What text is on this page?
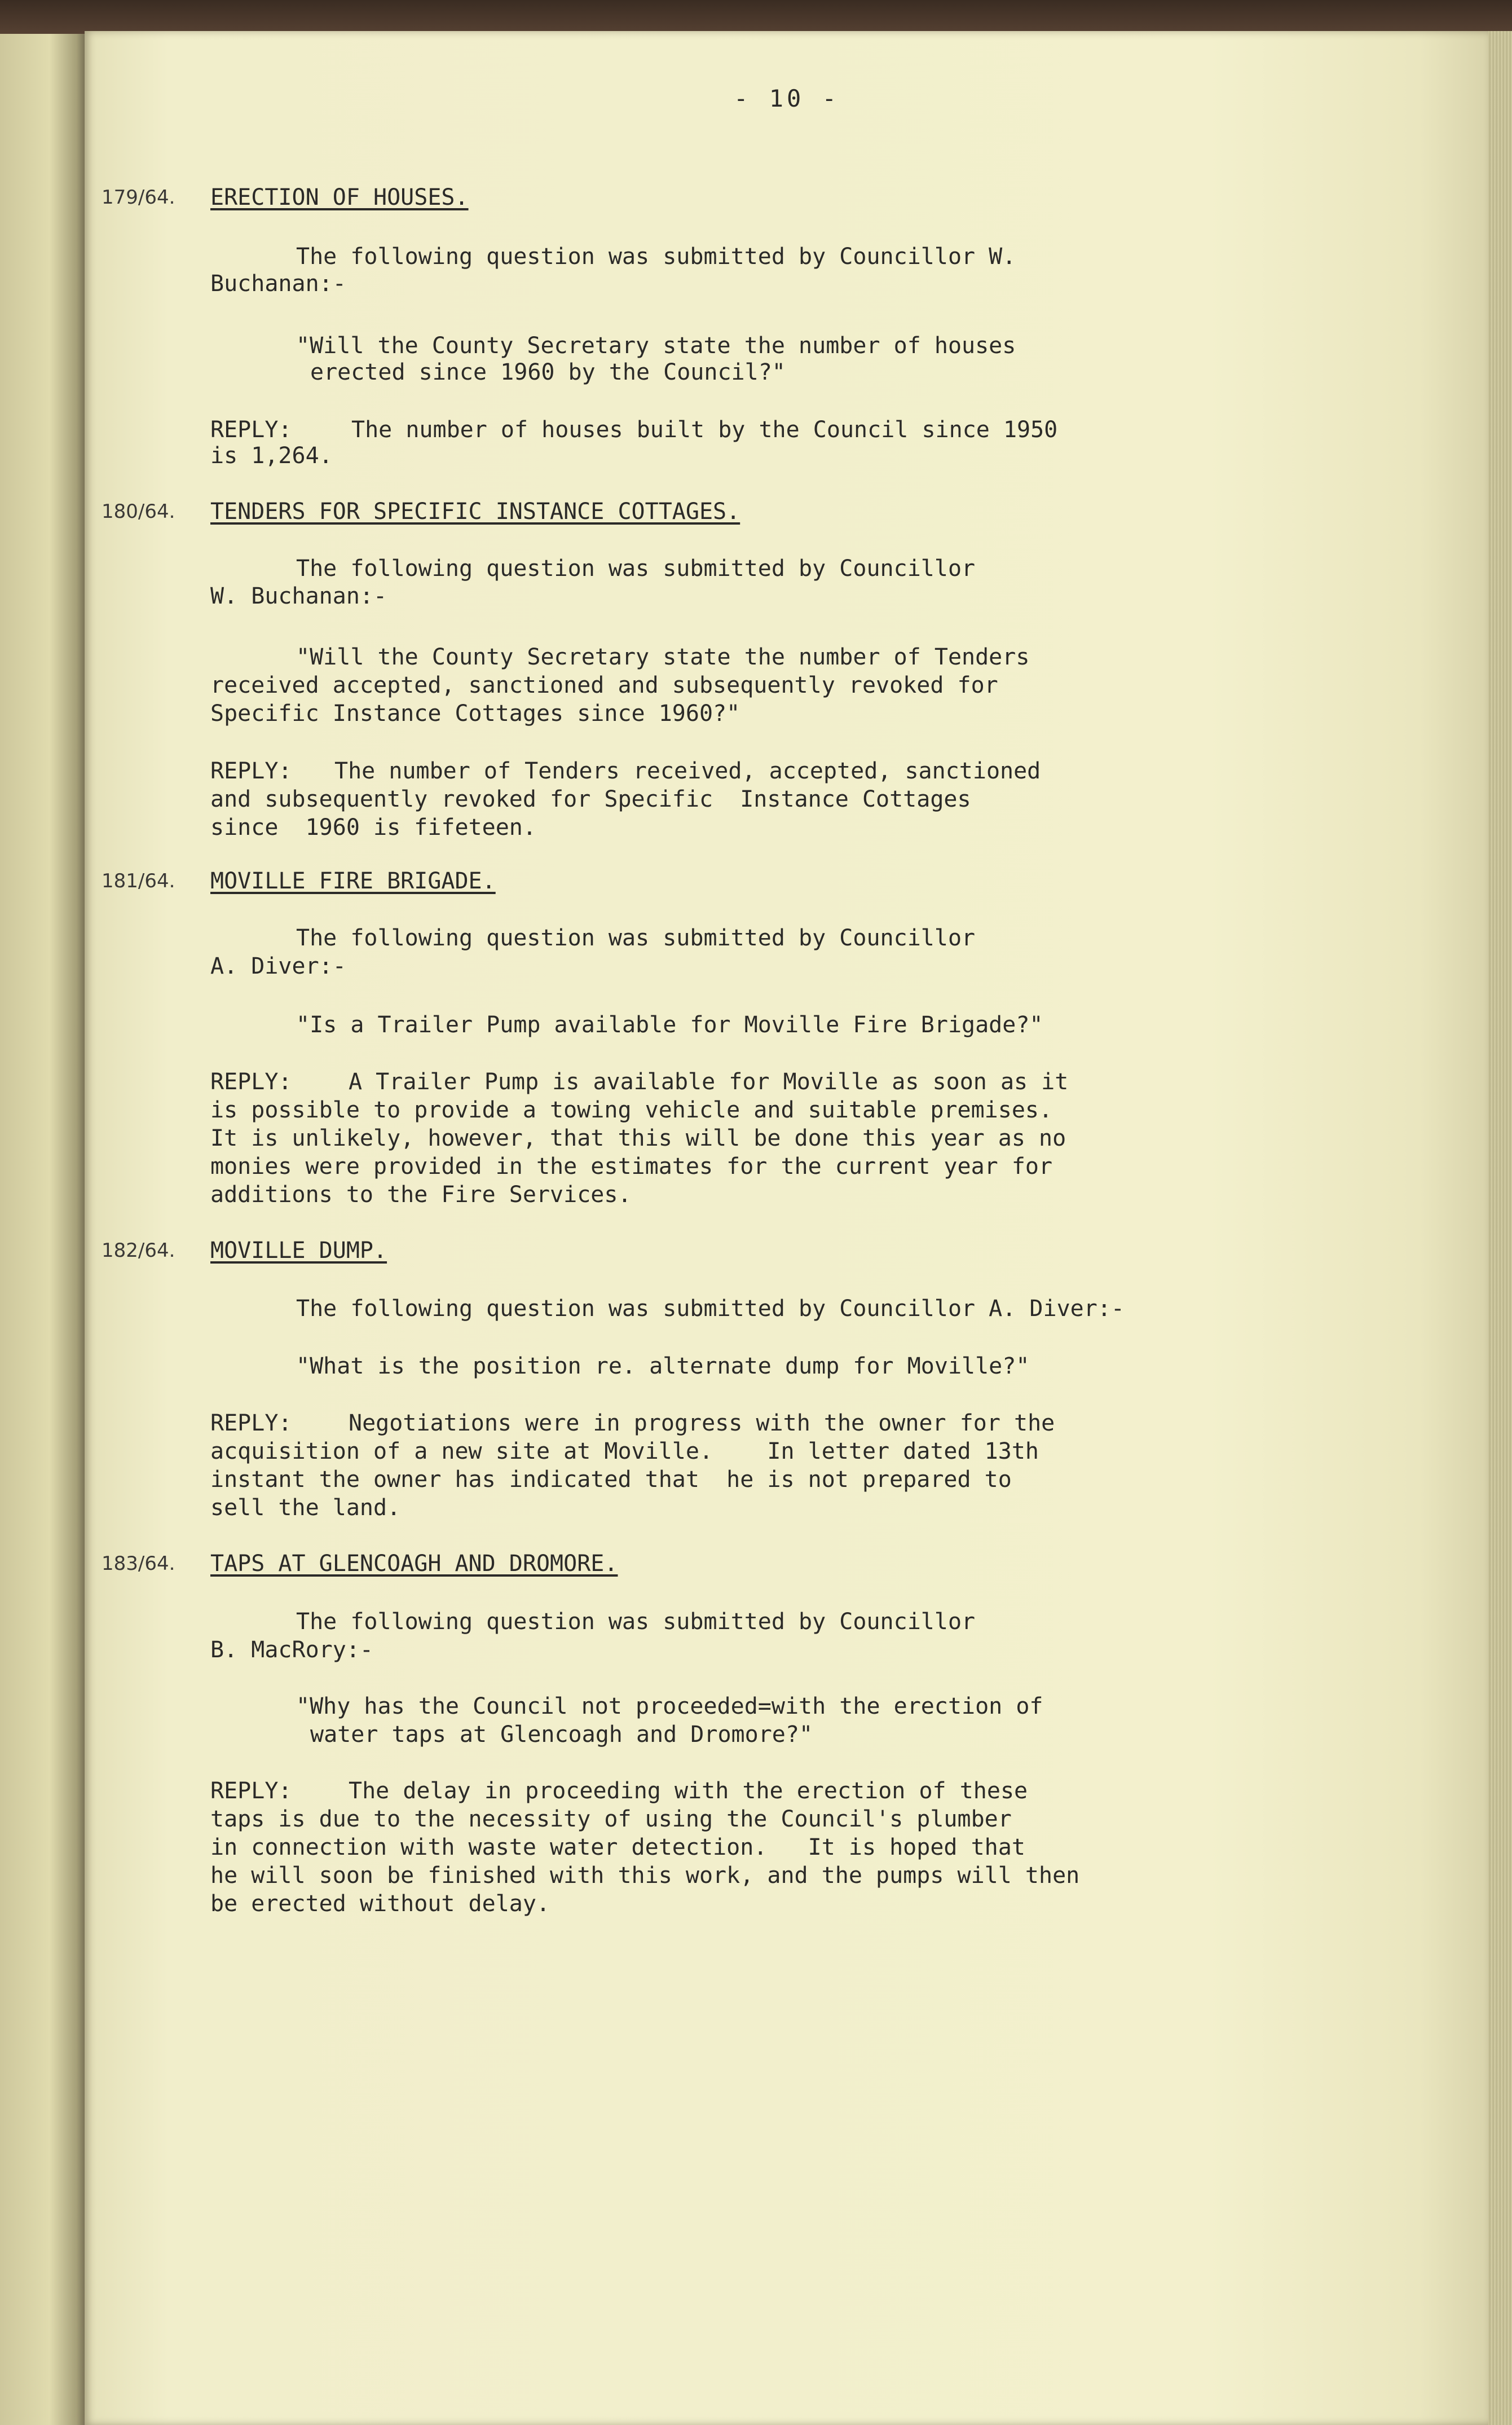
- 10 -
179/64. ERECTION OF HOUSES.
The following question was submitted by Councillor W.
Buchanan:-
"Will the County Secretary state the number of houses
erected since 1960 by the Council?"
REPLY:	The number of houses built by the Council since 1950
is 1,264.
180/64. TENDERS FOR SPECIFIC INSTANCE COTTAGES.
The following question was submitted by Councillor
W. Buchanan:-
"Will the County Secretary state the number of Tenders
received accepted, sanctioned and subsequently revoked for
Specific Instance Cottages since 1960?"
REPLY: The number of Tenders received, accepted, sanctioned
and subsequently revoked for Specific  Instance Cottages
since  1960 is fifeteen.
181/64. MOVILLE FIRE BRIGADE.
The following question was submitted by Councillor
A. Diver:-
"Is a Trailer Pump available for Moville Fire Brigade?"
REPLY:	A Trailer Pump is available for Moville as soon as it
is possible to provide a towing vehicle and suitable premises.
It is unlikely, however, that this will be done this year as no
monies were provided in the estimates for the current year for
additions to the Fire Services.
182/64. MOVILLE DUMP.
The following question was submitted by Councillor A. Diver:-
"What is the position re. alternate dump for Moville?"
REPLY:	Negotiations were in progress with the owner for the
acquisition of a new site at Moville.    In letter dated 13th
instant the owner has indicated that  he is not prepared to
sell the land.
183/64. TAPS AT GLENCOAGH AND DROMORE.
The following question was submitted by Councillor
B. MacRory:-
"Why has the Council not proceeded=with the erection of
water taps at Glencoagh and Dromore?"
REPLY:	The delay in proceeding with the erection of these
taps is due to the necessity of using the Council's plumber
in connection with waste water detection.   It is hoped that
he will soon be finished with this work, and the pumps will then
be erected without delay.
